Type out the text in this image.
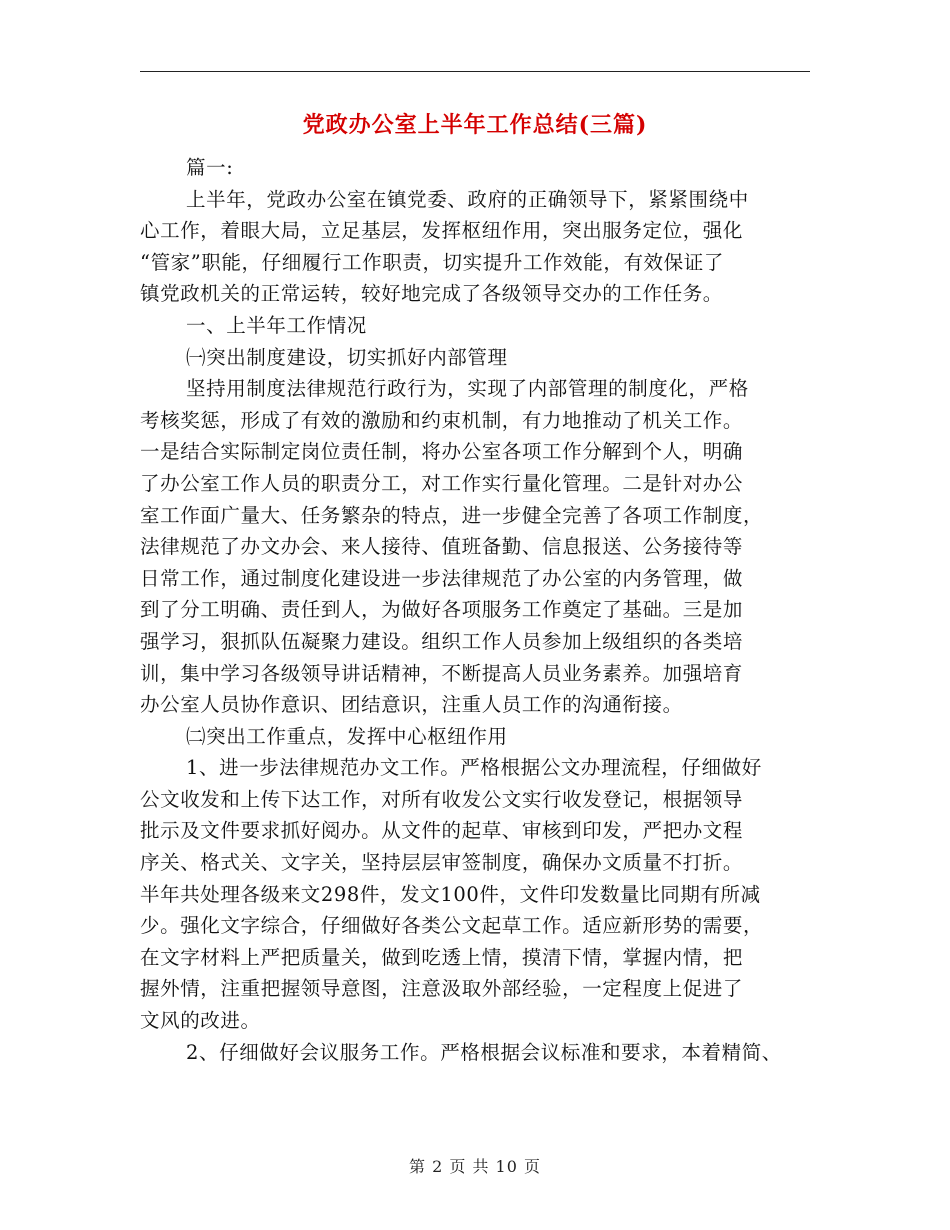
党政办公室上半年工作总结(三篇)
篇一:
上半年，党政办公室在镇党委、政府的正确领导下，紧紧围绕中
心工作，着眼大局，立足基层，发挥枢纽作用，突出服务定位，强化
“管家”职能，仔细履行工作职责，切实提升工作效能，有效保证了
镇党政机关的正常运转，较好地完成了各级领导交办的工作任务。
一、上半年工作情况
㈠突出制度建设，切实抓好内部管理
坚持用制度法律规范行政行为，实现了内部管理的制度化，严格
考核奖惩，形成了有效的激励和约束机制，有力地推动了机关工作。
一是结合实际制定岗位责任制，将办公室各项工作分解到个人，明确
了办公室工作人员的职责分工，对工作实行量化管理。二是针对办公
室工作面广量大、任务繁杂的特点，进一步健全完善了各项工作制度，
法律规范了办文办会、来人接待、值班备勤、信息报送、公务接待等
日常工作，通过制度化建设进一步法律规范了办公室的内务管理，做
到了分工明确、责任到人，为做好各项服务工作奠定了基础。三是加
强学习，狠抓队伍凝聚力建设。组织工作人员参加上级组织的各类培
训，集中学习各级领导讲话精神，不断提高人员业务素养。加强培育
办公室人员协作意识、团结意识，注重人员工作的沟通衔接。
㈡突出工作重点，发挥中心枢纽作用
1、进一步法律规范办文工作。严格根据公文办理流程，仔细做好
公文收发和上传下达工作，对所有收发公文实行收发登记，根据领导
批示及文件要求抓好阅办。从文件的起草、审核到印发，严把办文程
序关、格式关、文字关，坚持层层审签制度，确保办文质量不打折。
半年共处理各级来文298件，发文100件，文件印发数量比同期有所减
少。强化文字综合，仔细做好各类公文起草工作。适应新形势的需要，
在文字材料上严把质量关，做到吃透上情，摸清下情，掌握内情，把
握外情，注重把握领导意图，注意汲取外部经验，一定程度上促进了
文风的改进。
2、仔细做好会议服务工作。严格根据会议标准和要求，本着精简、
第 2 页 共 10 页
